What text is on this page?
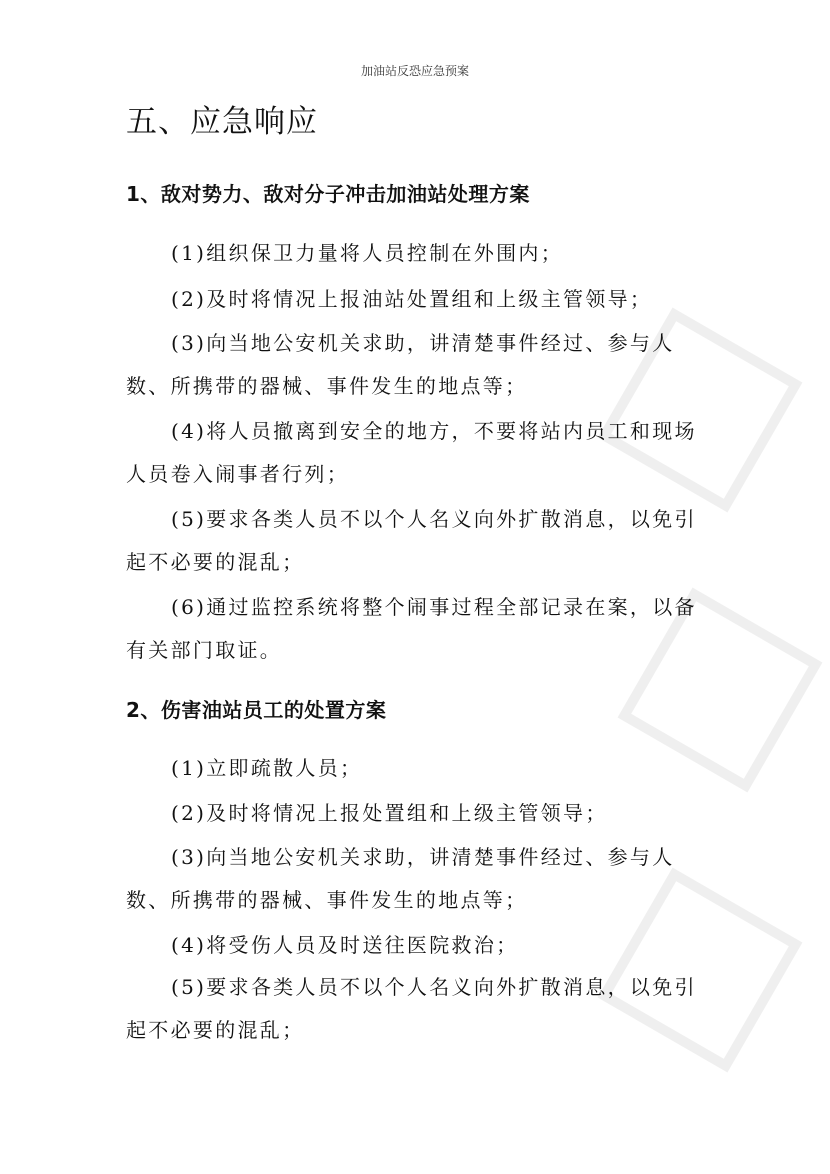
加油站反恐应急预案
五、应急响应
1、敌对势力、敌对分子冲击加油站处理方案

(1)组织保卫力量将人员控制在外围内；

(2)及时将情况上报油站处置组和上级主管领导；

(3)向当地公安机关求助，讲清楚事件经过、参与人数、所携带的器械、事件发生的地点等；

(4)将人员撤离到安全的地方，不要将站内员工和现场人员卷入闹事者行列；

(5)要求各类人员不以个人名义向外扩散消息，以免引起不必要的混乱；

(6)通过监控系统将整个闹事过程全部记录在案，以备有关部门取证。

2、伤害油站员工的处置方案

(1)立即疏散人员；

(2)及时将情况上报处置组和上级主管领导；

(3)向当地公安机关求助，讲清楚事件经过、参与人数、所携带的器械、事件发生的地点等；

(4)将受伤人员及时送往医院救治；

(5)要求各类人员不以个人名义向外扩散消息，以免引起不必要的混乱；
